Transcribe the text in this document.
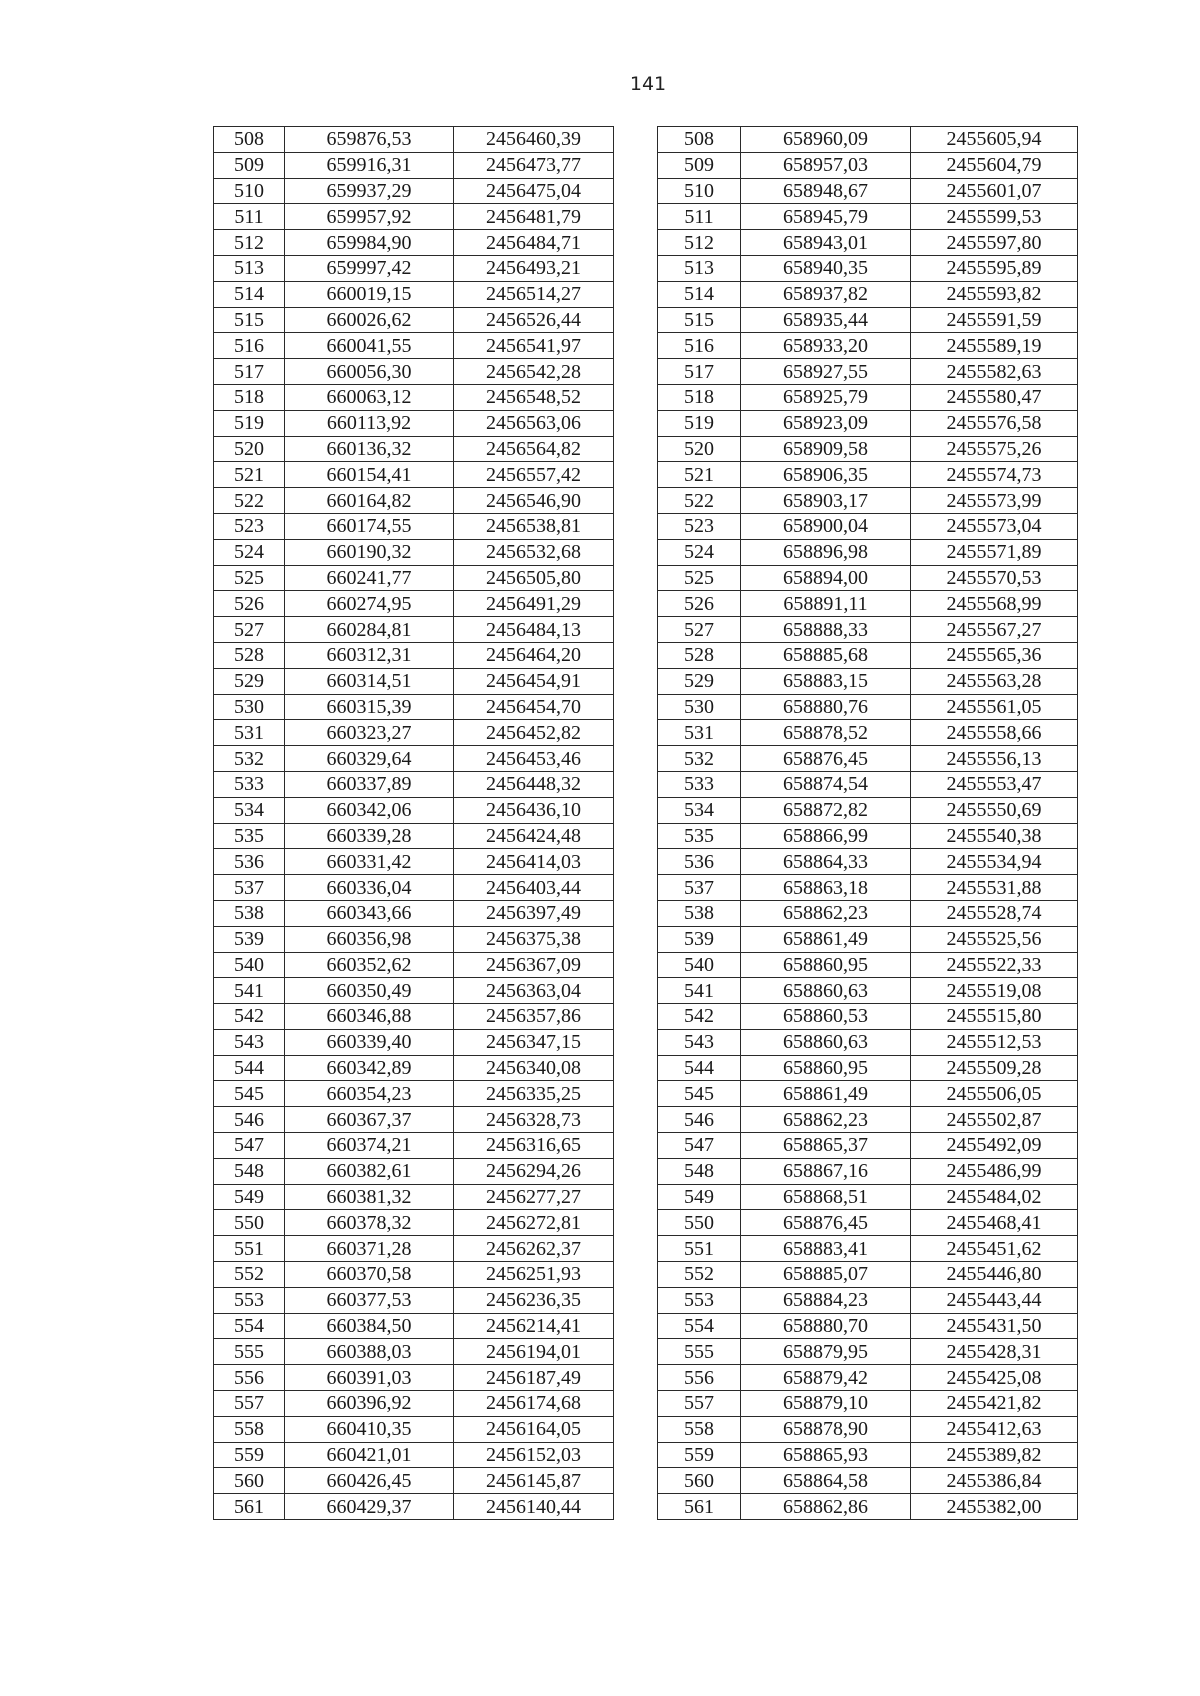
141
508	659876,53	2456460,39		508	658960,09	2455605,94
509	659916,31	2456473,77		509	658957,03	2455604,79
510	659937,29	2456475,04		510	658948,67	2455601,07
511	659957,92	2456481,79		511	658945,79	2455599,53
512	659984,90	2456484,71		512	658943,01	2455597,80
513	659997,42	2456493,21		513	658940,35	2455595,89
514	660019,15	2456514,27		514	658937,82	2455593,82
515	660026,62	2456526,44		515	658935,44	2455591,59
516	660041,55	2456541,97		516	658933,20	2455589,19
517	660056,30	2456542,28		517	658927,55	2455582,63
518	660063,12	2456548,52		518	658925,79	2455580,47
519	660113,92	2456563,06		519	658923,09	2455576,58
520	660136,32	2456564,82		520	658909,58	2455575,26
521	660154,41	2456557,42		521	658906,35	2455574,73
522	660164,82	2456546,90		522	658903,17	2455573,99
523	660174,55	2456538,81		523	658900,04	2455573,04
524	660190,32	2456532,68		524	658896,98	2455571,89
525	660241,77	2456505,80		525	658894,00	2455570,53
526	660274,95	2456491,29		526	658891,11	2455568,99
527	660284,81	2456484,13		527	658888,33	2455567,27
528	660312,31	2456464,20		528	658885,68	2455565,36
529	660314,51	2456454,91		529	658883,15	2455563,28
530	660315,39	2456454,70		530	658880,76	2455561,05
531	660323,27	2456452,82		531	658878,52	2455558,66
532	660329,64	2456453,46		532	658876,45	2455556,13
533	660337,89	2456448,32		533	658874,54	2455553,47
534	660342,06	2456436,10		534	658872,82	2455550,69
535	660339,28	2456424,48		535	658866,99	2455540,38
536	660331,42	2456414,03		536	658864,33	2455534,94
537	660336,04	2456403,44		537	658863,18	2455531,88
538	660343,66	2456397,49		538	658862,23	2455528,74
539	660356,98	2456375,38		539	658861,49	2455525,56
540	660352,62	2456367,09		540	658860,95	2455522,33
541	660350,49	2456363,04		541	658860,63	2455519,08
542	660346,88	2456357,86		542	658860,53	2455515,80
543	660339,40	2456347,15		543	658860,63	2455512,53
544	660342,89	2456340,08		544	658860,95	2455509,28
545	660354,23	2456335,25		545	658861,49	2455506,05
546	660367,37	2456328,73		546	658862,23	2455502,87
547	660374,21	2456316,65		547	658865,37	2455492,09
548	660382,61	2456294,26		548	658867,16	2455486,99
549	660381,32	2456277,27		549	658868,51	2455484,02
550	660378,32	2456272,81		550	658876,45	2455468,41
551	660371,28	2456262,37		551	658883,41	2455451,62
552	660370,58	2456251,93		552	658885,07	2455446,80
553	660377,53	2456236,35		553	658884,23	2455443,44
554	660384,50	2456214,41		554	658880,70	2455431,50
555	660388,03	2456194,01		555	658879,95	2455428,31
556	660391,03	2456187,49		556	658879,42	2455425,08
557	660396,92	2456174,68		557	658879,10	2455421,82
558	660410,35	2456164,05		558	658878,90	2455412,63
559	660421,01	2456152,03		559	658865,93	2455389,82
560	660426,45	2456145,87		560	658864,58	2455386,84
561	660429,37	2456140,44		561	658862,86	2455382,00
